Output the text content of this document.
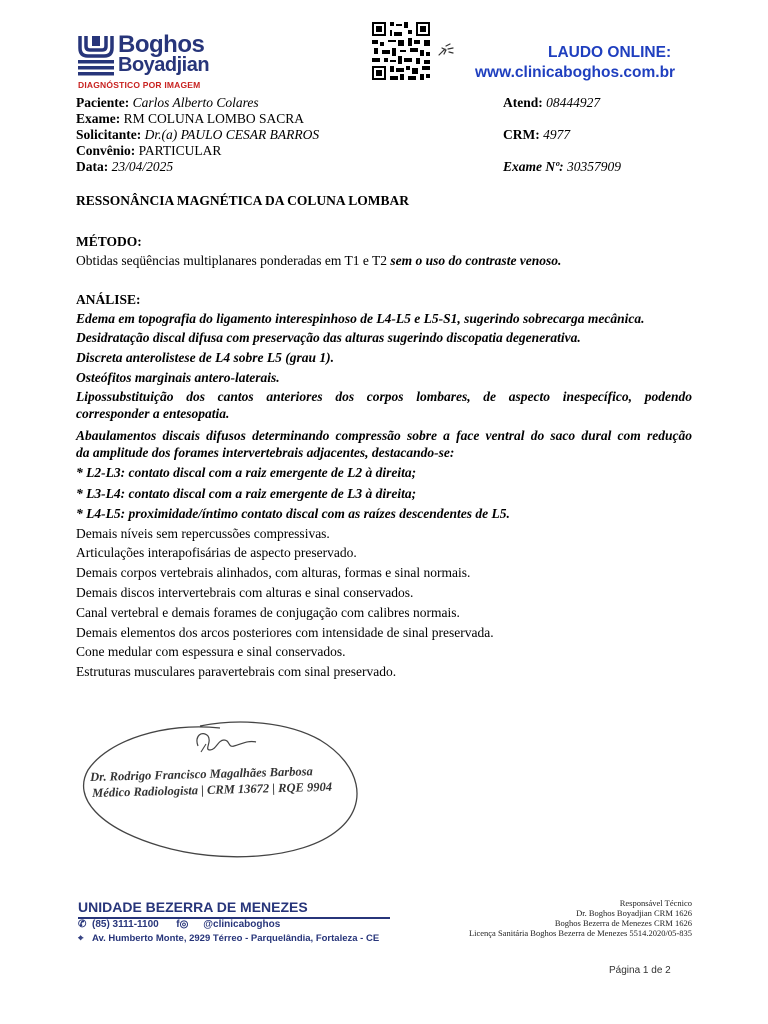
Boghos
Boyadjian
DIAGNÓSTICO POR IMAGEM
LAUDO ONLINE:
www.clinicaboghos.com.br
Paciente: Carlos Alberto Colares
Exame: RM COLUNA LOMBO SACRA
Solicitante: Dr.(a) PAULO CESAR BARROS
Convênio: PARTICULAR
Data: 23/04/2025
Atend: 08444927
CRM: 4977
Exame Nº: 30357909
RESSONÂNCIA MAGNÉTICA DA COLUNA LOMBAR
MÉTODO:
Obtidas seqüências multiplanares ponderadas em T1 e T2 sem o uso do contraste venoso.
ANÁLISE:
Edema em topografia do ligamento interespinhoso de L4-L5 e L5-S1, sugerindo sobrecarga mecânica.
Desidratação discal difusa com preservação das alturas sugerindo discopatia degenerativa.
Discreta anterolistese de L4 sobre L5 (grau 1).
Osteófitos marginais antero-laterais.
Lipossubstituição dos cantos anteriores dos corpos lombares, de aspecto inespecífico, podendo
corresponder a entesopatia.
Abaulamentos discais difusos determinando compressão sobre a face ventral do saco dural com redução
da amplitude dos forames intervertebrais adjacentes, destacando-se:
* L2-L3: contato discal com a raiz emergente de L2 à direita;
* L3-L4: contato discal com a raiz emergente de L3 à direita;
* L4-L5: proximidade/íntimo contato discal com as raízes descendentes de L5.
Demais níveis sem repercussões compressivas.
Articulações interapofisárias de aspecto preservado.
Demais corpos vertebrais alinhados, com alturas, formas e sinal normais.
Demais discos intervertebrais com alturas e sinal conservados.
Canal vertebral e demais forames de conjugação com calibres normais.
Demais elementos dos arcos posteriores com intensidade de sinal preservada.
Cone medular com espessura e sinal conservados.
Estruturas musculares paravertebrais com sinal preservado.
Dr. Rodrigo Francisco Magalhães Barbosa
Médico Radiologista | CRM 13672 | RQE 9904
UNIDADE BEZERRA DE MENEZES
✆ (85) 3111-1100 f◎ @clinicaboghos
⌖ Av. Humberto Monte, 2929 Térreo - Parquelândia, Fortaleza - CE
Responsável Técnico
Dr. Boghos Boyadjian CRM 1626
Boghos Bezerra de Menezes CRM 1626
Licença Sanitária Boghos Bezerra de Menezes 5514.2020/05-835
Página 1 de 2
